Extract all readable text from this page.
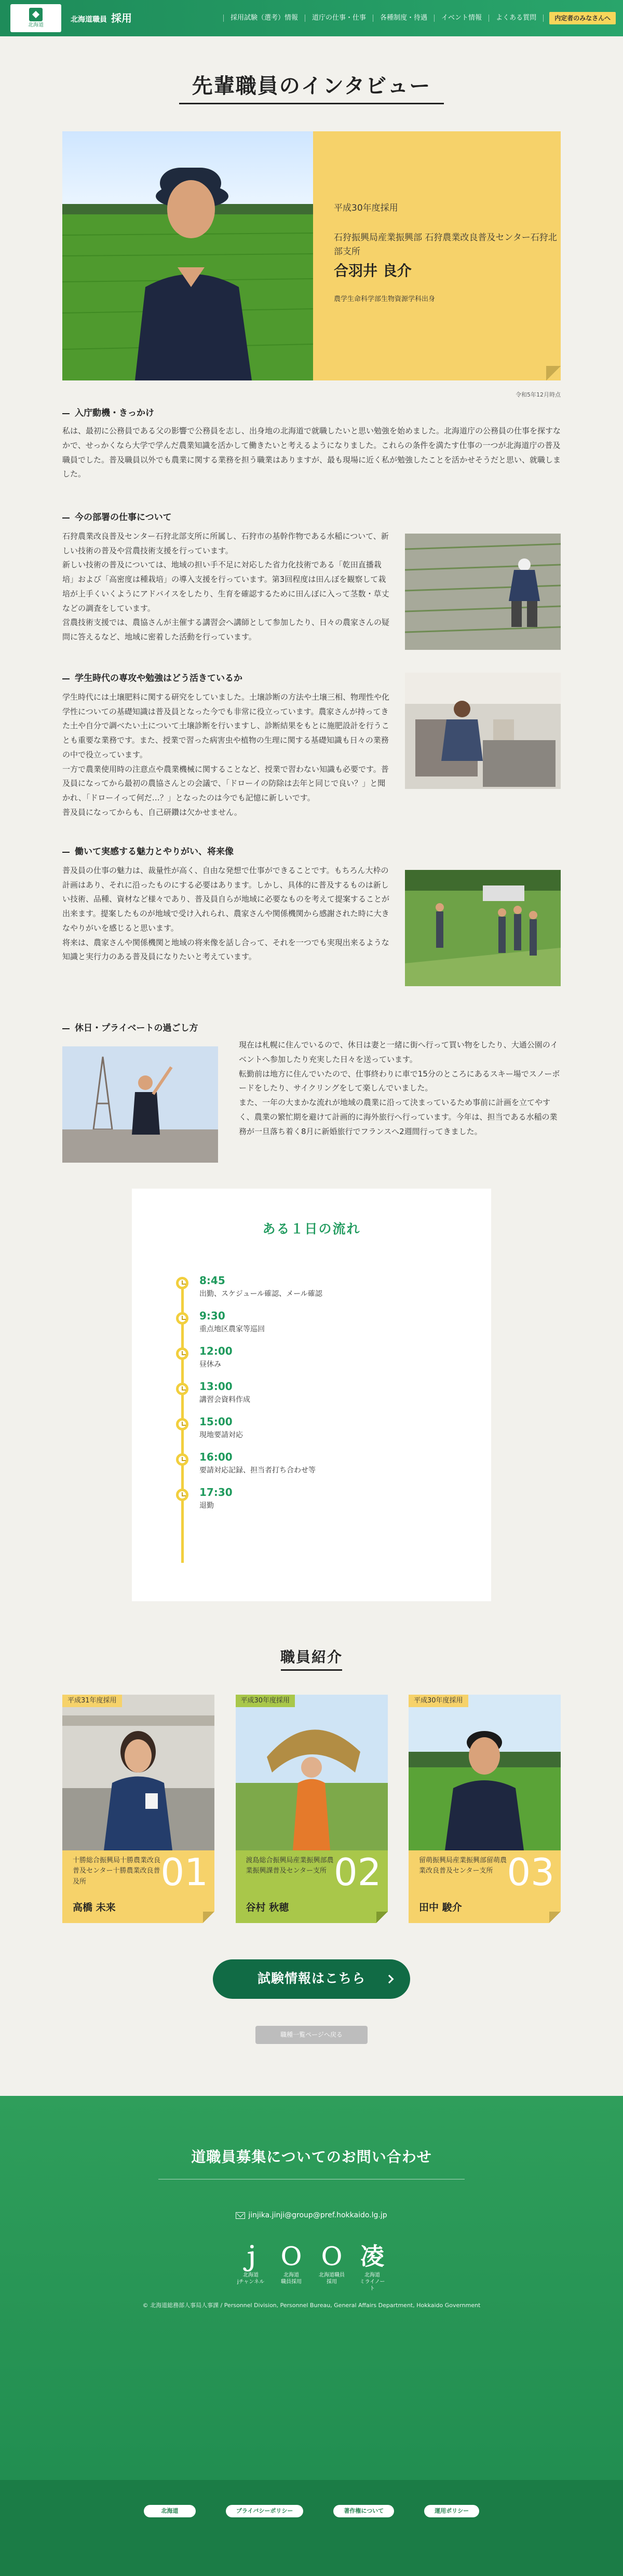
北海道
北海道職員 採用	採用試験（選考）情報	道庁の仕事・仕事	各種制度・待遇	イベント情報	よくある質問	内定者のみなさんへ
先輩職員のインタビュー

平成30年度採用

石狩振興局産業振興部 石狩農業改良普及センター石狩北部支所

合羽井 良介

農学生命科学部生物資源学科出身

令和5年12月時点

入庁動機・きっかけ

私は、最初に公務員である父の影響で公務員を志し、出身地の北海道で就職したいと思い勉強を始めました。北海道庁の公務員の仕事を探すなかで、せっかくなら大学で学んだ農業知識を活かして働きたいと考えるようになりました。これらの条件を満たす仕事の一つが北海道庁の普及職員でした。普及職員以外でも農業に関する業務を担う職業はありますが、最も現場に近く私が勉強したことを活かせそうだと思い、就職しました。

今の部署の仕事について

石狩農業改良普及センター石狩北部支所に所属し、石狩市の基幹作物である水稲について、新しい技術の普及や営農技術支援を行っています。
新しい技術の普及については、地域の担い手不足に対応した省力化技術である「乾田直播栽培」および「高密度は種栽培」の導入支援を行っています。第3回程度は田んぼを観察して栽培が上手くいくようにアドバイスをしたり、生育を確認するために田んぼに入って茎数・草丈などの調査をしています。
営農技術支援では、農協さんが主催する講習会へ講師として参加したり、日々の農家さんの疑問に答えるなど、地域に密着した活動を行っています。

学生時代の専攻や勉強はどう活きているか

学生時代には土壌肥料に関する研究をしていました。土壌診断の方法や土壌三相、物理性や化学性についての基礎知識は普及員となった今でも非常に役立っています。農家さんが持ってきた土や自分で調べたい土について土壌診断を行いますし、診断結果をもとに施肥設計を行うことも重要な業務です。また、授業で習った病害虫や植物の生理に関する基礎知識も日々の業務の中で役立っています。
一方で農業使用時の注意点や農業機械に関することなど、授業で習わない知識も必要です。普及員になってから最初の農協さんとの会議で、「ドローイの防除は去年と同じで良い？」と聞かれ、「ドローイって何だ…？」となったのは今でも記憶に新しいです。
普及員になってからも、自己研鑽は欠かせません。

働いて実感する魅力とやりがい、将来像

普及員の仕事の魅力は、裁量性が高く、自由な発想で仕事ができることです。もちろん大枠の計画はあり、それに沿ったものにする必要はあります。しかし、具体的に普及するものは新しい技術、品種、資材など様々であり、普及員自らが地域に必要なものを考えて提案することが出来ます。提案したものが地域で受け入れられ、農家さんや関係機関から感謝された時に大きなやりがいを感じると思います。
将来は、農家さんや関係機関と地域の将来像を話し合って、それを一つでも実現出来るような知識と実行力のある普及員になりたいと考えています。

休日・プライベートの過ごし方

現在は札幌に住んでいるので、休日は妻と一緒に街へ行って買い物をしたり、大通公園のイベントへ参加したり充実した日々を送っています。
転勤前は地方に住んでいたので、仕事終わりに車で15分のところにあるスキー場でスノーボードをしたり、サイクリングをして楽しんでいました。
また、一年の大まかな流れが地域の農業に沿って決まっているため事前に計画を立てやすく、農業の繁忙期を避けて計画的に海外旅行へ行っています。今年は、担当である水稲の業務が一旦落ち着く8月に新婚旅行でフランスへ2週間行ってきました。

ある１日の流れ
8:45
出勤、スケジュール確認、メール確認
9:30
重点地区農家等巡回
12:00
昼休み
13:00
講習会資料作成
15:00
現地要請対応
16:00
要請対応記録、担当者打ち合わせ等
17:30
退勤
職員紹介
平成31年度採用

十勝総合振興局十勝農業改良普及センター十勝農業改良普及所

高橋 未来

01
平成30年度採用

渡島総合振興局産業振興部農業振興課普及センター支所

谷村 秋穂

02
平成30年度採用

留萌振興局産業振興部留萌農業改良普及センター支所

田中 駿介

03
試験情報はこちら
職種一覧ページへ戻る
道職員募集についてのお問い合わせ
jinjika.jinji@group@pref.hokkaido.lg.jp
ｊ
北海道
jチャンネル
Ｏ
北海道
職員採用
Ｏ
北海道職員
採用
凌
北海道
ミライノート

© 北海道総務部人事局人事課 / Personnel Division, Personnel Bureau, General Affairs Department, Hokkaido Government

北海道	プライバシーポリシー	著作権について	運用ポリシー
